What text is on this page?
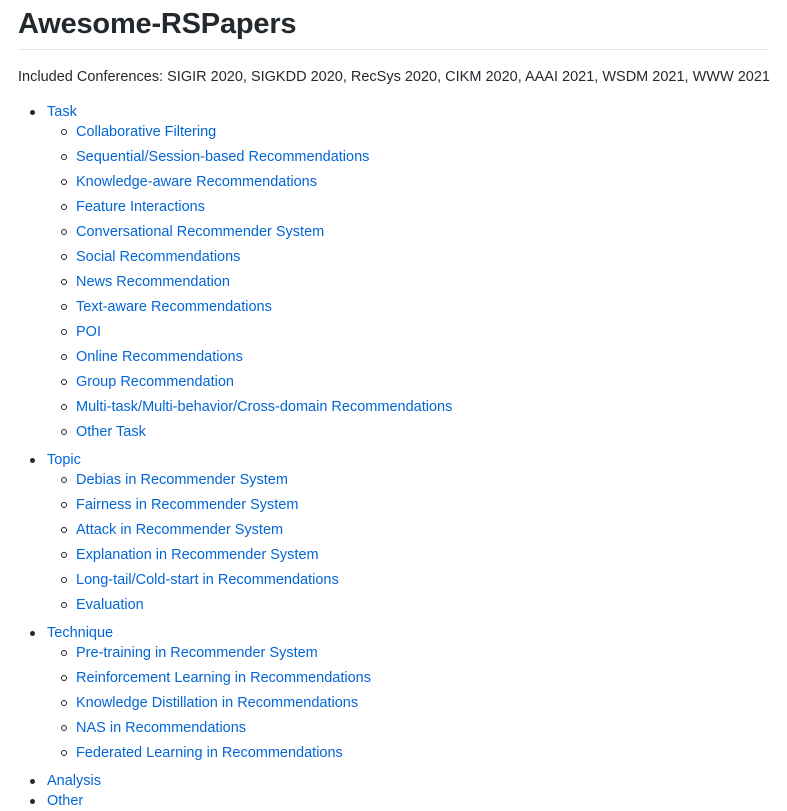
Awesome-RSPapers

Included Conferences: SIGIR 2020, SIGKDD 2020, RecSys 2020, CIKM 2020, AAAI 2021, WSDM 2021, WWW 2021

Task
Collaborative Filtering
Sequential/Session-based Recommendations
Knowledge-aware Recommendations
Feature Interactions
Conversational Recommender System
Social Recommendations
News Recommendation
Text-aware Recommendations
POI
Online Recommendations
Group Recommendation
Multi-task/Multi-behavior/Cross-domain Recommendations
Other Task
Topic
Debias in Recommender System
Fairness in Recommender System
Attack in Recommender System
Explanation in Recommender System
Long-tail/Cold-start in Recommendations
Evaluation
Technique
Pre-training in Recommender System
Reinforcement Learning in Recommendations
Knowledge Distillation in Recommendations
NAS in Recommendations
Federated Learning in Recommendations
Analysis
Other
